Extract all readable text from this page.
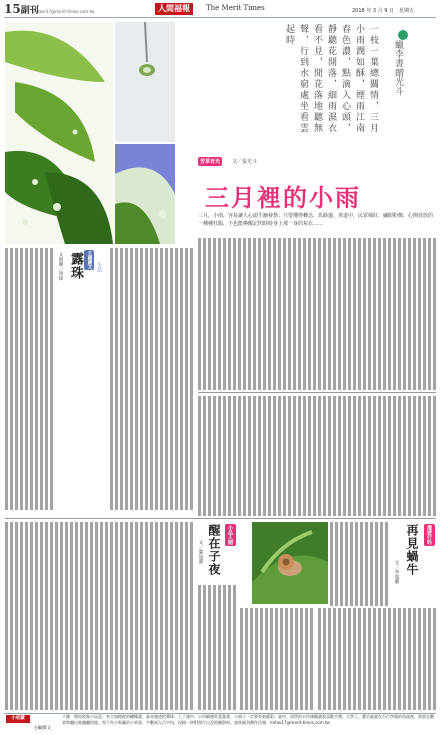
15副刊
mitoor17@merit-times.com.tw	人間福報	The Merit Times	2018 年 3 月 9 日　星期五
一枝一葉總關情，三月小雨潤如酥，煙雨江南春色濃，點滴入心頭，靜聽花開落，細雨濕衣看不見，閒花落地聽無聲，行到水窮處坐看雲起時
蠟李書贈光斗
芳草有光	文／張光斗
三月裡的小雨
三月，小雨，容易讓人心頭生幽發愁；只要懂得轉念，馬路邊、車道中，民眾城紅．繡眼粉飾，心開放放的一種種杜鵑，不也能喚醒記閃時時身上那一身的灰衣……
露珠
文與圖／徐烽	王國慶文 小品
小品人間
醒在子夜
文／葉如潔
漫遊行吟
再見蝸牛
文／李瑞騰
小收藏
主編微文
十總：開始收集小玩意，有主如路從的蝴蝶畫，晶亮剔透的彈珠；上了國中，小吊師德常愛畫書，小冊子一定要有刻畫彩；高中，同學的卡信錢鶴讀我喜歡手禮；大學了，寶貝就就在百行李箱的角落裡，需要在觀眾時翻出來翻翻回憶。寫下你小吸藏的小故事，字數兩人百字內，投稿一併附照片以及相關資料。請寄副刊郵件信箱：mitoo17@merit-times.com.tw
